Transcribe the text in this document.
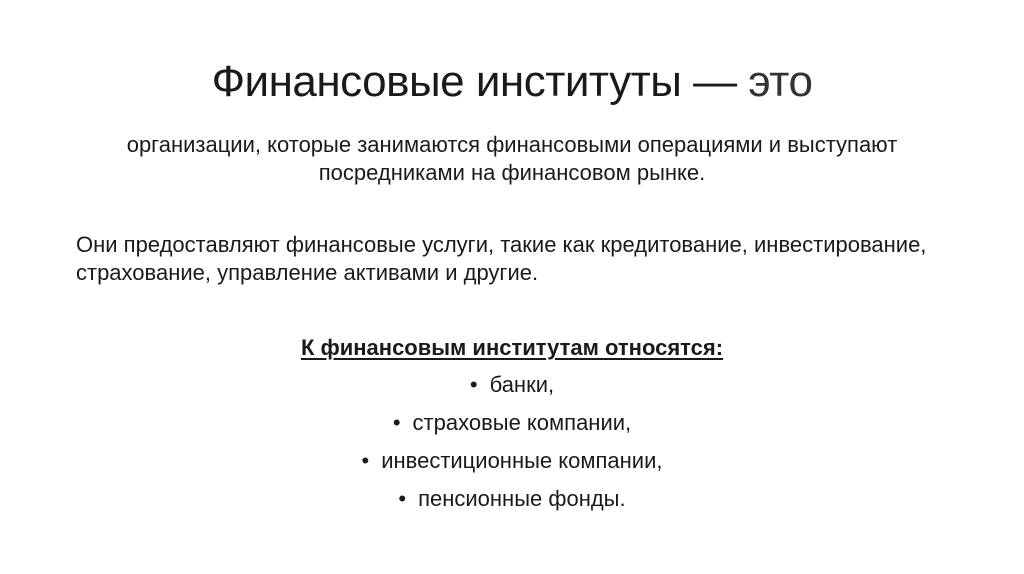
Финансовые институты — это
организации, которые занимаются финансовыми операциями и выступают посредниками на финансовом рынке.
Они предоставляют финансовые услуги, такие как кредитование, инвестирование, страхование, управление активами и другие.
К финансовым институтам относятся:
• банки,
• страховые компании,
• инвестиционные компании,
• пенсионные фонды.
